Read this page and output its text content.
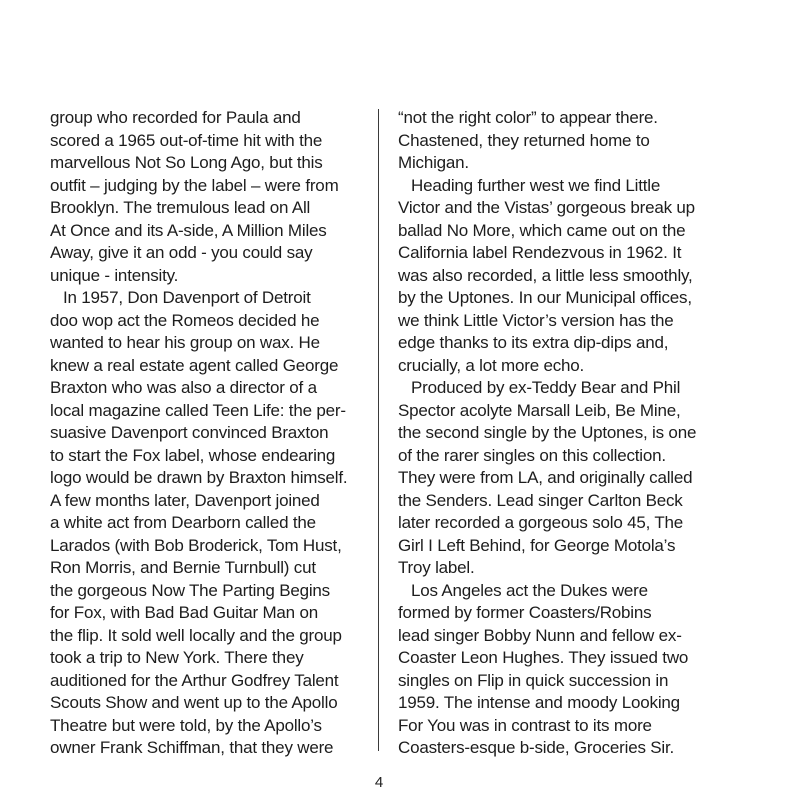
group who recorded for Paula and
scored a 1965 out-of-time hit with the
marvellous Not So Long Ago, but this
outfit – judging by the label – were from
Brooklyn. The tremulous lead on All
At Once and its A-side, A Million Miles
Away, give it an odd - you could say
unique - intensity.
In 1957, Don Davenport of Detroit
doo wop act the Romeos decided he
wanted to hear his group on wax. He
knew a real estate agent called George
Braxton who was also a director of a
local magazine called Teen Life: the per-
suasive Davenport convinced Braxton
to start the Fox label, whose endearing
logo would be drawn by Braxton himself.
A few months later, Davenport joined
a white act from Dearborn called the
Larados (with Bob Broderick, Tom Hust,
Ron Morris, and Bernie Turnbull) cut
the gorgeous Now The Parting Begins
for Fox, with Bad Bad Guitar Man on
the flip. It sold well locally and the group
took a trip to New York. There they
auditioned for the Arthur Godfrey Talent
Scouts Show and went up to the Apollo
Theatre but were told, by the Apollo’s
owner Frank Schiffman, that they were
“not the right color” to appear there.
Chastened, they returned home to
Michigan.
Heading further west we find Little
Victor and the Vistas’ gorgeous break up
ballad No More, which came out on the
California label Rendezvous in 1962. It
was also recorded, a little less smoothly,
by the Uptones. In our Municipal offices,
we think Little Victor’s version has the
edge thanks to its extra dip-dips and,
crucially, a lot more echo.
Produced by ex-Teddy Bear and Phil
Spector acolyte Marsall Leib, Be Mine,
the second single by the Uptones, is one
of the rarer singles on this collection.
They were from LA, and originally called
the Senders. Lead singer Carlton Beck
later recorded a gorgeous solo 45, The
Girl I Left Behind, for George Motola’s
Troy label.
Los Angeles act the Dukes were
formed by former Coasters/Robins
lead singer Bobby Nunn and fellow ex-
Coaster Leon Hughes. They issued two
singles on Flip in quick succession in
1959. The intense and moody Looking
For You was in contrast to its more
Coasters-esque b-side, Groceries Sir.
4
